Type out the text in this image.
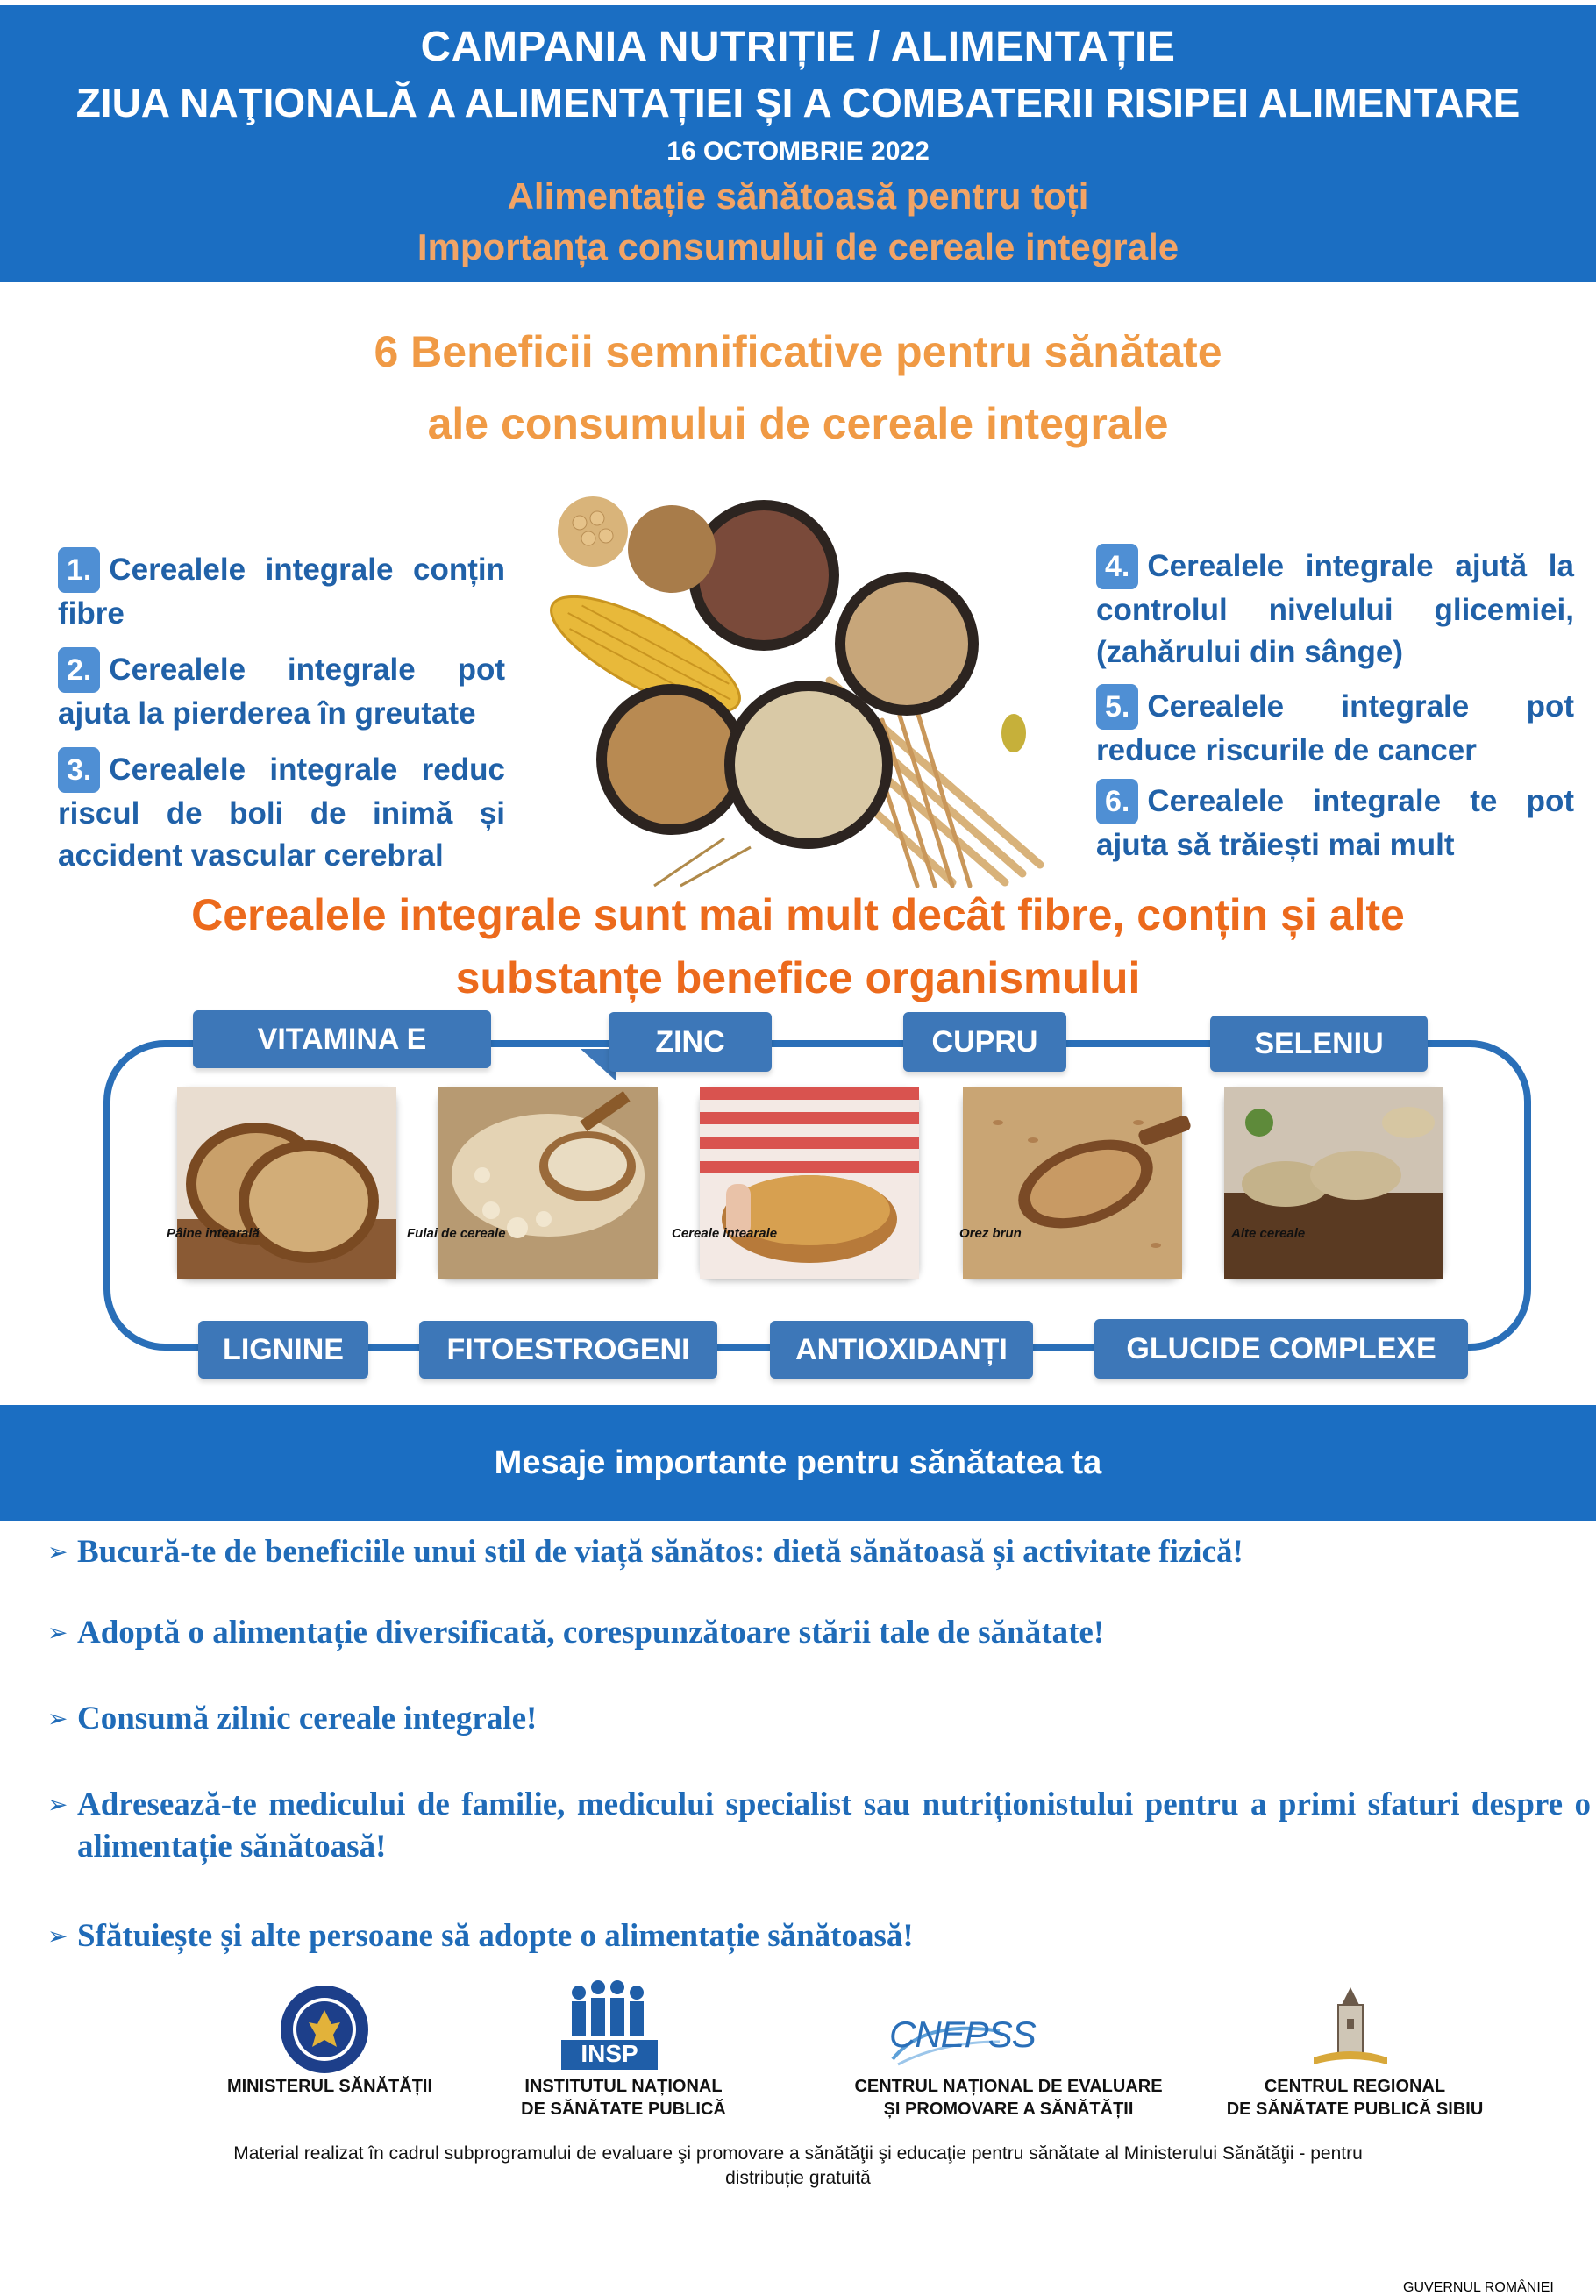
CAMPANIA NUTRIȚIE / ALIMENTAȚIE
ZIUA NAŢIONALĂ A ALIMENTAȚIEI ȘI A COMBATERII RISIPEI ALIMENTARE
16 OCTOMBRIE 2022
Alimentație sănătoasă pentru toți
Importanța consumului de cereale integrale
6 Beneficii semnificative pentru sănătate
ale consumului de cereale integrale
1. Cerealele integrale conțin fibre
2. Cerealele integrale pot ajuta la pierderea în greutate
3. Cerealele integrale reduc riscul de boli de inimă și accident vascular cerebral
4. Cerealele integrale ajută la controlul nivelului glicemiei, (zahărului din sânge)
5. Cerealele integrale pot reduce riscurile de cancer
6. Cerealele integrale te pot ajuta să trăiești mai mult
Cerealele integrale sunt mai mult decât fibre, conțin și alte
substanțe benefice organismului
VITAMINA E	ZINC	CUPRU	SELENIU
Pâine intearală	Fulai de cereale	Cereale intearale	Orez brun	Alte cereale
LIGNINE	FITOESTROGENI	ANTIOXIDANȚI	GLUCIDE COMPLEXE
Mesaje importante pentru sănătatea ta
➢ Bucură-te de beneficiile unui stil de viață sănătos: dietă sănătoasă și activitate fizică!
➢ Adoptă o alimentație diversificată, corespunzătoare stării tale de sănătate!
➢ Consumă zilnic cereale integrale!
➢ Adresează-te medicului de familie, medicului specialist sau nutriționistului pentru a primi sfaturi despre o alimentație sănătoasă!
➢ Sfătuiește și alte persoane să adopte o alimentație sănătoasă!
INSP	CNEPSS
GUVERNUL ROMÂNIEI
MINISTERUL SĂNĂTĂȚII	INSTITUTUL NAȚIONAL
DE SĂNĂTATE PUBLICĂ
CENTRUL NAȚIONAL DE EVALUARE
ȘI PROMOVARE A SĂNĂTĂȚII
CENTRUL REGIONAL
DE SĂNĂTATE PUBLICĂ SIBIU
Material realizat în cadrul subprogramului de evaluare şi promovare a sănătăţii şi educaţie pentru sănătate al Ministerului Sănătăţii - pentru
distribuție gratuită
